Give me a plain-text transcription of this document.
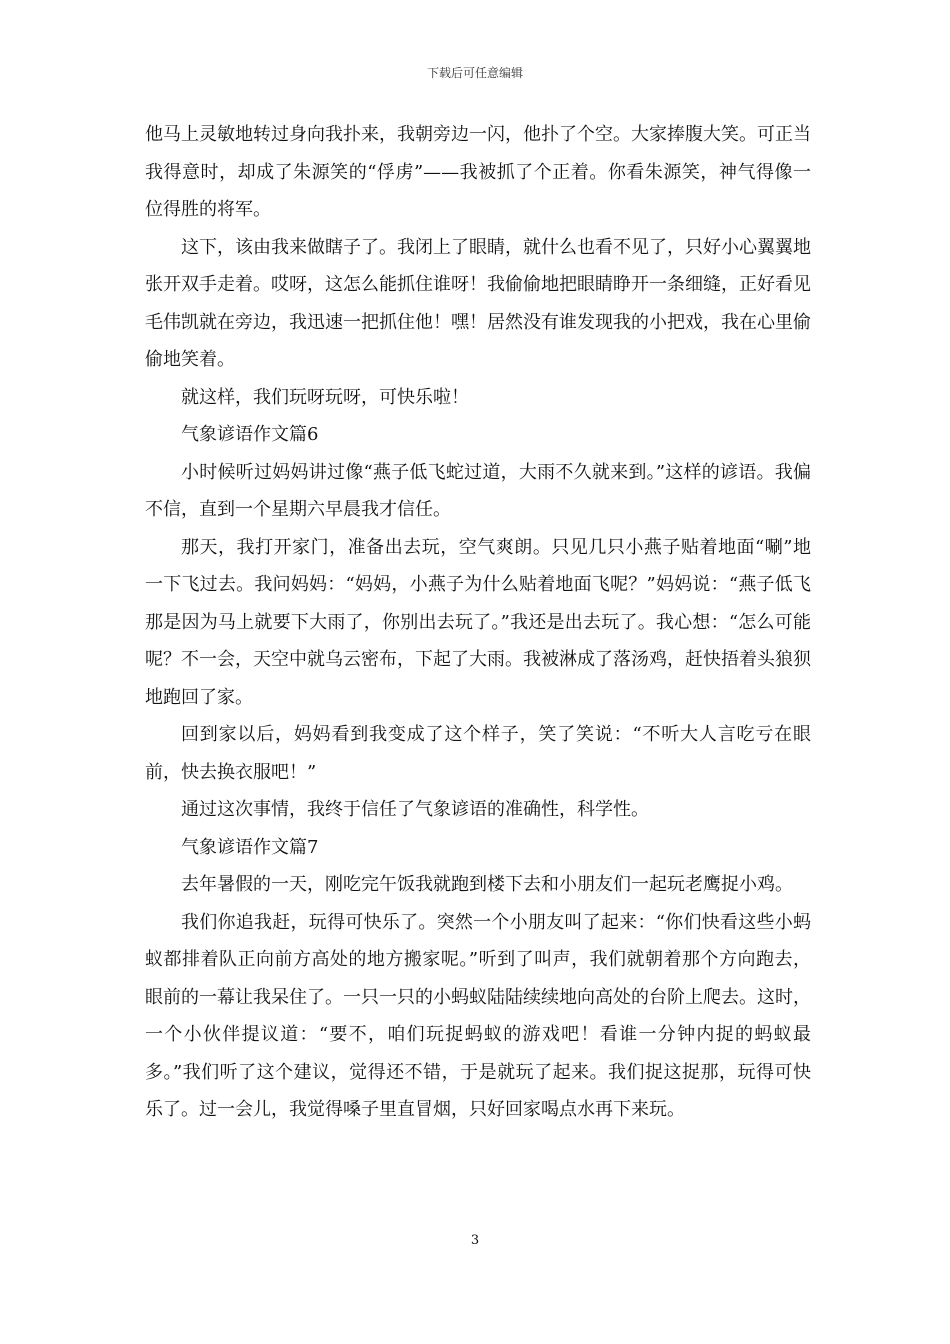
下载后可任意编辑

他马上灵敏地转过身向我扑来，我朝旁边一闪，他扑了个空。大家捧腹大笑。可正当我得意时，却成了朱源笑的“俘虏”——我被抓了个正着。你看朱源笑，神气得像一位得胜的将军。

这下，该由我来做瞎子了。我闭上了眼睛，就什么也看不见了，只好小心翼翼地张开双手走着。哎呀，这怎么能抓住谁呀！我偷偷地把眼睛睁开一条细缝，正好看见毛伟凯就在旁边，我迅速一把抓住他！嘿！居然没有谁发现我的小把戏，我在心里偷偷地笑着。

就这样，我们玩呀玩呀，可快乐啦！

气象谚语作文篇6

小时候听过妈妈讲过像“燕子低飞蛇过道，大雨不久就来到。”这样的谚语。我偏不信，直到一个星期六早晨我才信任。

那天，我打开家门，准备出去玩，空气爽朗。只见几只小燕子贴着地面“唰”地一下飞过去。我问妈妈：“妈妈，小燕子为什么贴着地面飞呢？”妈妈说：“燕子低飞那是因为马上就要下大雨了，你别出去玩了。”我还是出去玩了。我心想：“怎么可能呢？不一会，天空中就乌云密布，下起了大雨。我被淋成了落汤鸡，赶快捂着头狼狈地跑回了家。

回到家以后，妈妈看到我变成了这个样子，笑了笑说：“不听大人言吃亏在眼前，快去换衣服吧！”

通过这次事情，我终于信任了气象谚语的准确性，科学性。

气象谚语作文篇7

去年暑假的一天，刚吃完午饭我就跑到楼下去和小朋友们一起玩老鹰捉小鸡。

我们你追我赶，玩得可快乐了。突然一个小朋友叫了起来：“你们快看这些小蚂蚁都排着队正向前方高处的地方搬家呢。”听到了叫声，我们就朝着那个方向跑去，眼前的一幕让我呆住了。一只一只的小蚂蚁陆陆续续地向高处的台阶上爬去。这时，一个小伙伴提议道：“要不，咱们玩捉蚂蚁的游戏吧！看谁一分钟内捉的蚂蚁最多。”我们听了这个建议，觉得还不错，于是就玩了起来。我们捉这捉那，玩得可快乐了。过一会儿，我觉得嗓子里直冒烟，只好回家喝点水再下来玩。

3
